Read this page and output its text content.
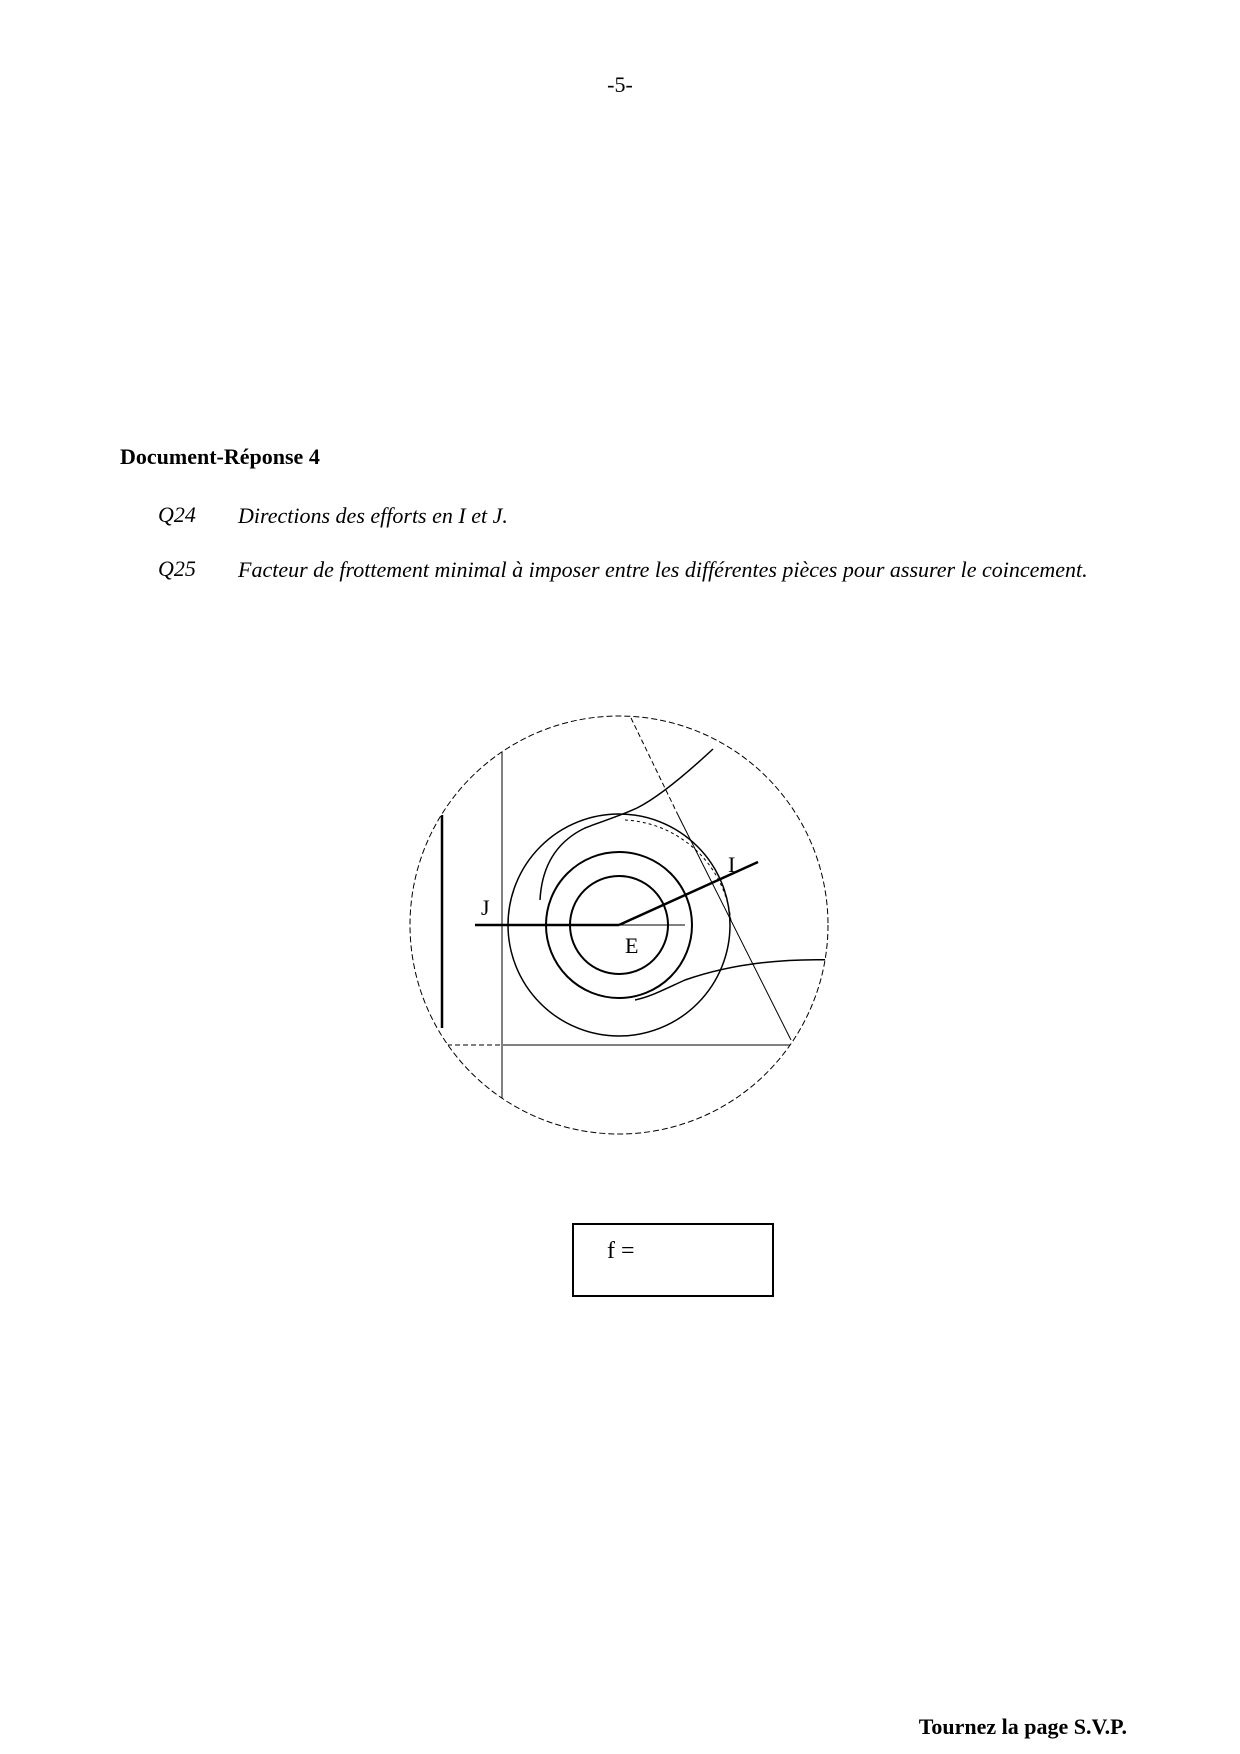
-5-
Document-Réponse 4
Q24 Directions des efforts en I et J.
Q25 Facteur de frottement minimal à imposer entre les différentes pièces pour assurer le coincement.
J
I
E
f =
Tournez la page S.V.P.
